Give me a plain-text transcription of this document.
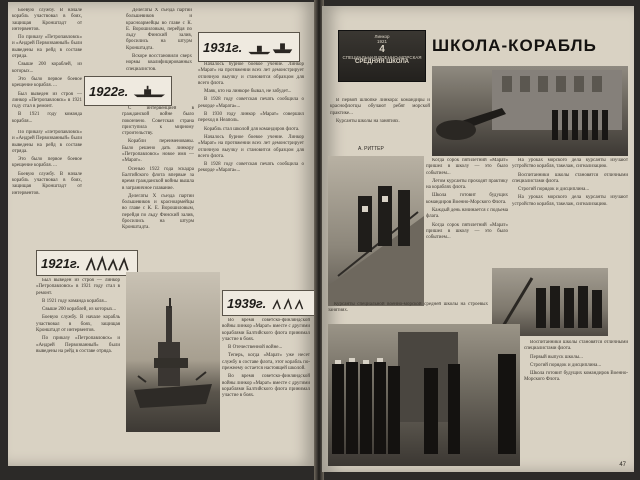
Боевую службу. В начале корабль участвовал в боях, защищая Кронштадт от интервентов.

По приказу «Петропавловск» и «Андрей Первозванный» были выведены на рейд в составе отряда.

Свыше 200 кораблей, из которых...

Это было первое боевое крещение корабля. ...

Был выведен из строя — линкор «Петропавловск» в 1921 году стал в ремонт.

В 1921 году команда корабля...

По приказу «Петропавловск» и «Андрей Первозванный» были выведены на рейд в составе отряда.

Это было первое боевое крещение корабля. ...

Боевую службу. В начале корабль участвовал в боях, защищая Кронштадт от интервентов.

1921г.

Был выведен из строя — линкор «Петропавловск» в 1921 году стал в ремонт.

В 1921 году команда корабля...

Свыше 200 кораблей, из которых...

Боевую службу. В начале корабль участвовал в боях, защищая Кронштадт от интервентов.

По приказу «Петропавловск» и «Андрей Первозванный» были выведены на рейд в составе отряда.

1922г.

Делегаты X съезда партии большевиков и красноармейцы во главе с К. Е. Ворошиловым, перейдя по льду Финский залив, бросились на штурм Кронштадта.

Вскоре восстановили сверх нормы квалифицированных специалистов.

С интервенцией в гражданской войне было покончено. Советская страна приступила к мирному строительству.

Корабли переименованы. Было решено дать линкору «Петропавловск» новое имя — «Марат».

Осенью 1922 года эскадра Балтийского флота впервые за время гражданской войны вышла в заграничное плавание.

Делегаты X съезда партии большевиков и красноармейцы во главе с К. Е. Ворошиловым, перейдя по льду Финский залив, бросились на штурм Кронштадта.

1931г.

Началось бурное боевое учение. Линкор «Марат» на протяжении всех лет демонстрирует отличную выучку и становится образцом для всего флота.

Маяк, кто на линкоре бывал, не забудет...

В 1928 году советская печать сообщила о рекорде «Марата»...

В 1930 году линкор «Марат» совершил переход в Неаполь.

Корабль стал школой для командиров флота.

Началось бурное боевое учение. Линкор «Марат» на протяжении всех лет демонстрирует отличную выучку и становится образцом для всего флота.

В 1928 году советская печать сообщила о рекорде «Марата»...

1939г.

Во время советско-финляндской войны линкор «Марат» вместе с другими кораблями Балтийского флота принимал участие в боях.

В Отечественной войне...

Теперь, когда «Марат» уже несет службу в составе флота, этот корабль по-прежнему остается настоящей школой.

Во время советско-финляндской войны линкор «Марат» вместе с другими кораблями Балтийского флота принимал участие в боях.

Линкор
1921
4
СПЕЦИАЛЬНАЯ ВОЕННО-МОРСКАЯ
СРЕДНЯЯ ШКОЛА
ШКОЛА-КОРАБЛЬ

В первой шлюпке линкора: командиры и краснофлотцы обучают ребят морской практике...

Курсанты школы на занятиях.

А. РИТТЕР

Когда сорок пятилетний «Марат» пришел в школу — это было событием...

Летом курсанты проходят практику на кораблях флота.

Школа готовит будущих командиров Военно-Морского Флота.

Каждый день начинается с подъема флага.

Когда сорок пятилетний «Марат» пришел в школу — это было событием...

На уроках морского дела курсанты изучают устройство корабля, такелаж, сигнализацию.

Воспитанники школы становятся отличными специалистами флота.

Строгий порядок и дисциплина...

На уроках морского дела курсанты изучают устройство корабля, такелаж, сигнализацию.

Курсанты специальной военно-морской средней школы на строевых занятиях.

Воспитанники школы становятся отличными специалистами флота.

Первый выпуск школы...

Строгий порядок и дисциплина...

Школа готовит будущих командиров Военно-Морского Флота.

47
